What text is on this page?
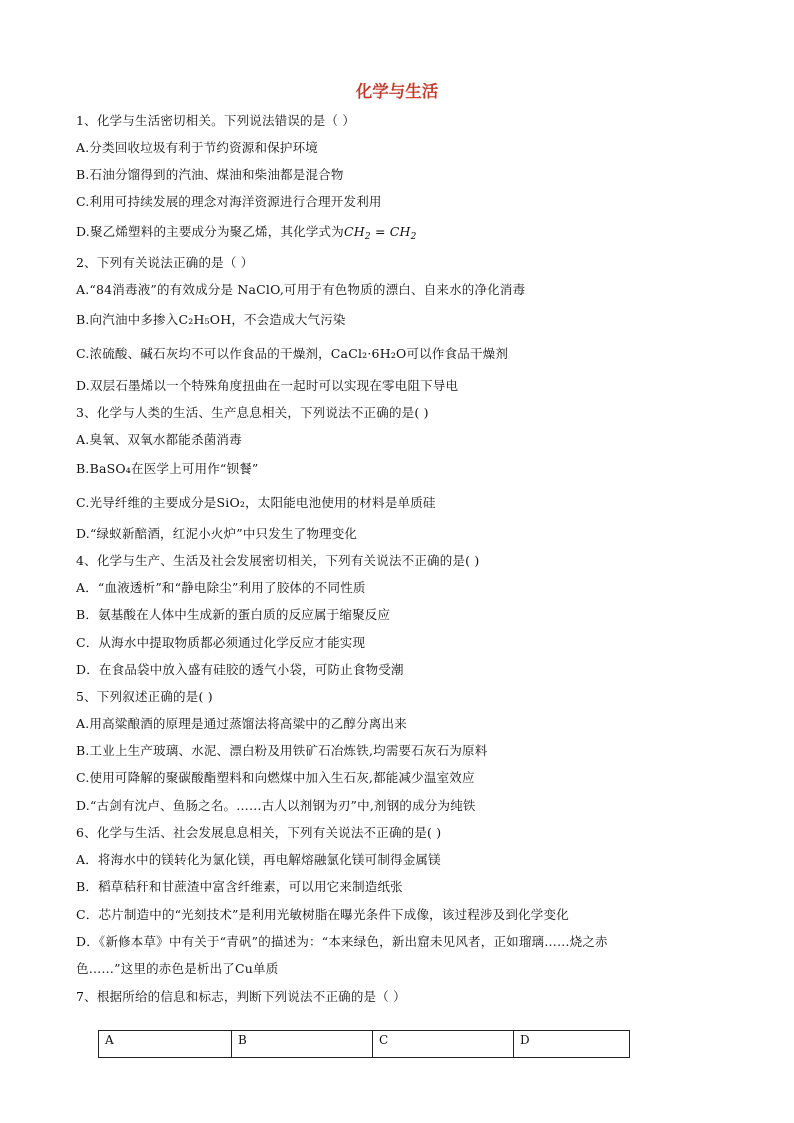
化学与生活
1、化学与生活密切相关。下列说法错误的是（ ）
A.分类回收垃圾有利于节约资源和保护环境
B.石油分馏得到的汽油、煤油和柴油都是混合物
C.利用可持续发展的理念对海洋资源进行合理开发利用
D.聚乙烯塑料的主要成分为聚乙烯，其化学式为$CH_2 = CH_2$
2、下列有关说法正确的是（ ）
A.“84消毒液”的有效成分是 NaClO,可用于有色物质的漂白、自来水的净化消毒
B.向汽油中多掺入C₂H₅OH，不会造成大气污染
C.浓硫酸、碱石灰均不可以作食品的干燥剂，CaCl₂·6H₂O可以作食品干燥剂
D.双层石墨烯以一个特殊角度扭曲在一起时可以实现在零电阻下导电
3、化学与人类的生活、生产息息相关，下列说法不正确的是( )
A.臭氧、双氧水都能杀菌消毒
B.BaSO₄在医学上可用作“钡餐”
C.光导纤维的主要成分是SiO₂，太阳能电池使用的材料是单质硅
D.“绿蚁新醅酒，红泥小火炉”中只发生了物理变化
4、化学与生产、生活及社会发展密切相关，下列有关说法不正确的是( )
A．“血液透析”和“静电除尘”利用了胶体的不同性质
B．氨基酸在人体中生成新的蛋白质的反应属于缩聚反应
C．从海水中提取物质都必须通过化学反应才能实现
D．在食品袋中放入盛有硅胶的透气小袋，可防止食物受潮
5、下列叙述正确的是( )
A.用高粱酿酒的原理是通过蒸馏法将高粱中的乙醇分离出来
B.工业上生产玻璃、水泥、漂白粉及用铁矿石冶炼铁,均需要石灰石为原料
C.使用可降解的聚碳酸酯塑料和向燃煤中加入生石灰,都能减少温室效应
D.“古剑有沈卢、鱼肠之名。……古人以剂钢为刃”中,剂钢的成分为纯铁
6、化学与生活、社会发展息息相关，下列有关说法不正确的是( )
A．将海水中的镁转化为氯化镁，再电解熔融氯化镁可制得金属镁
B．稻草秸秆和甘蔗渣中富含纤维素，可以用它来制造纸张
C．芯片制造中的“光刻技术”是利用光敏树脂在曝光条件下成像，该过程涉及到化学变化
D．《新修本草》中有关于“青矾”的描述为：“本来绿色，新出窟未见风者，正如瑠璃……烧之赤
色……”这里的赤色是析出了Cu单质
7、根据所给的信息和标志，判断下列说法不正确的是（ ）
A	B	C	D
